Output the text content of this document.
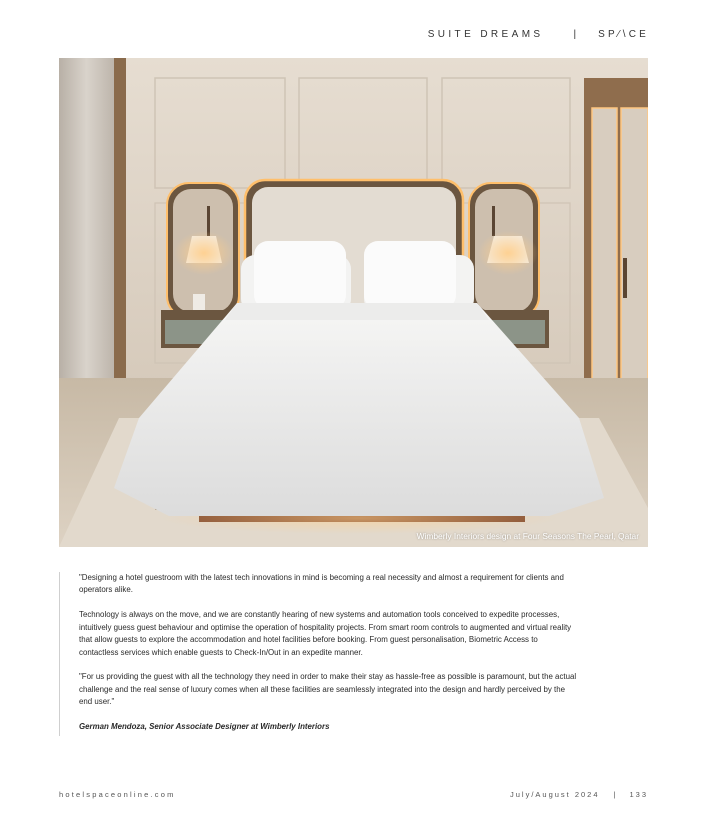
SUITE DREAMS	| SP⁄\CE
Wimberly Interiors design at Four Seasons The Pearl, Qatar

"Designing a hotel guestroom with the latest tech innovations in mind is becoming a real necessity and almost a requirement for clients and operators alike.

Technology is always on the move, and we are constantly hearing of new systems and automation tools conceived to expedite processes, intuitively guess guest behaviour and optimise the operation of hospitality projects. From smart room controls to augmented and virtual reality that allow guests to explore the accommodation and hotel facilities before booking. From guest personalisation, Biometric Access to contactless services which enable guests to Check-In/Out in an expedite manner.

"For us providing the guest with all the technology they need in order to make their stay as hassle-free as possible is paramount, but the actual challenge and the real sense of luxury comes when all these facilities are seamlessly integrated into the design and hardly perceived by the end user."

German Mendoza, Senior Associate Designer at Wimberly Interiors

hotelspaceonline.com	July/August 2024 | 133
